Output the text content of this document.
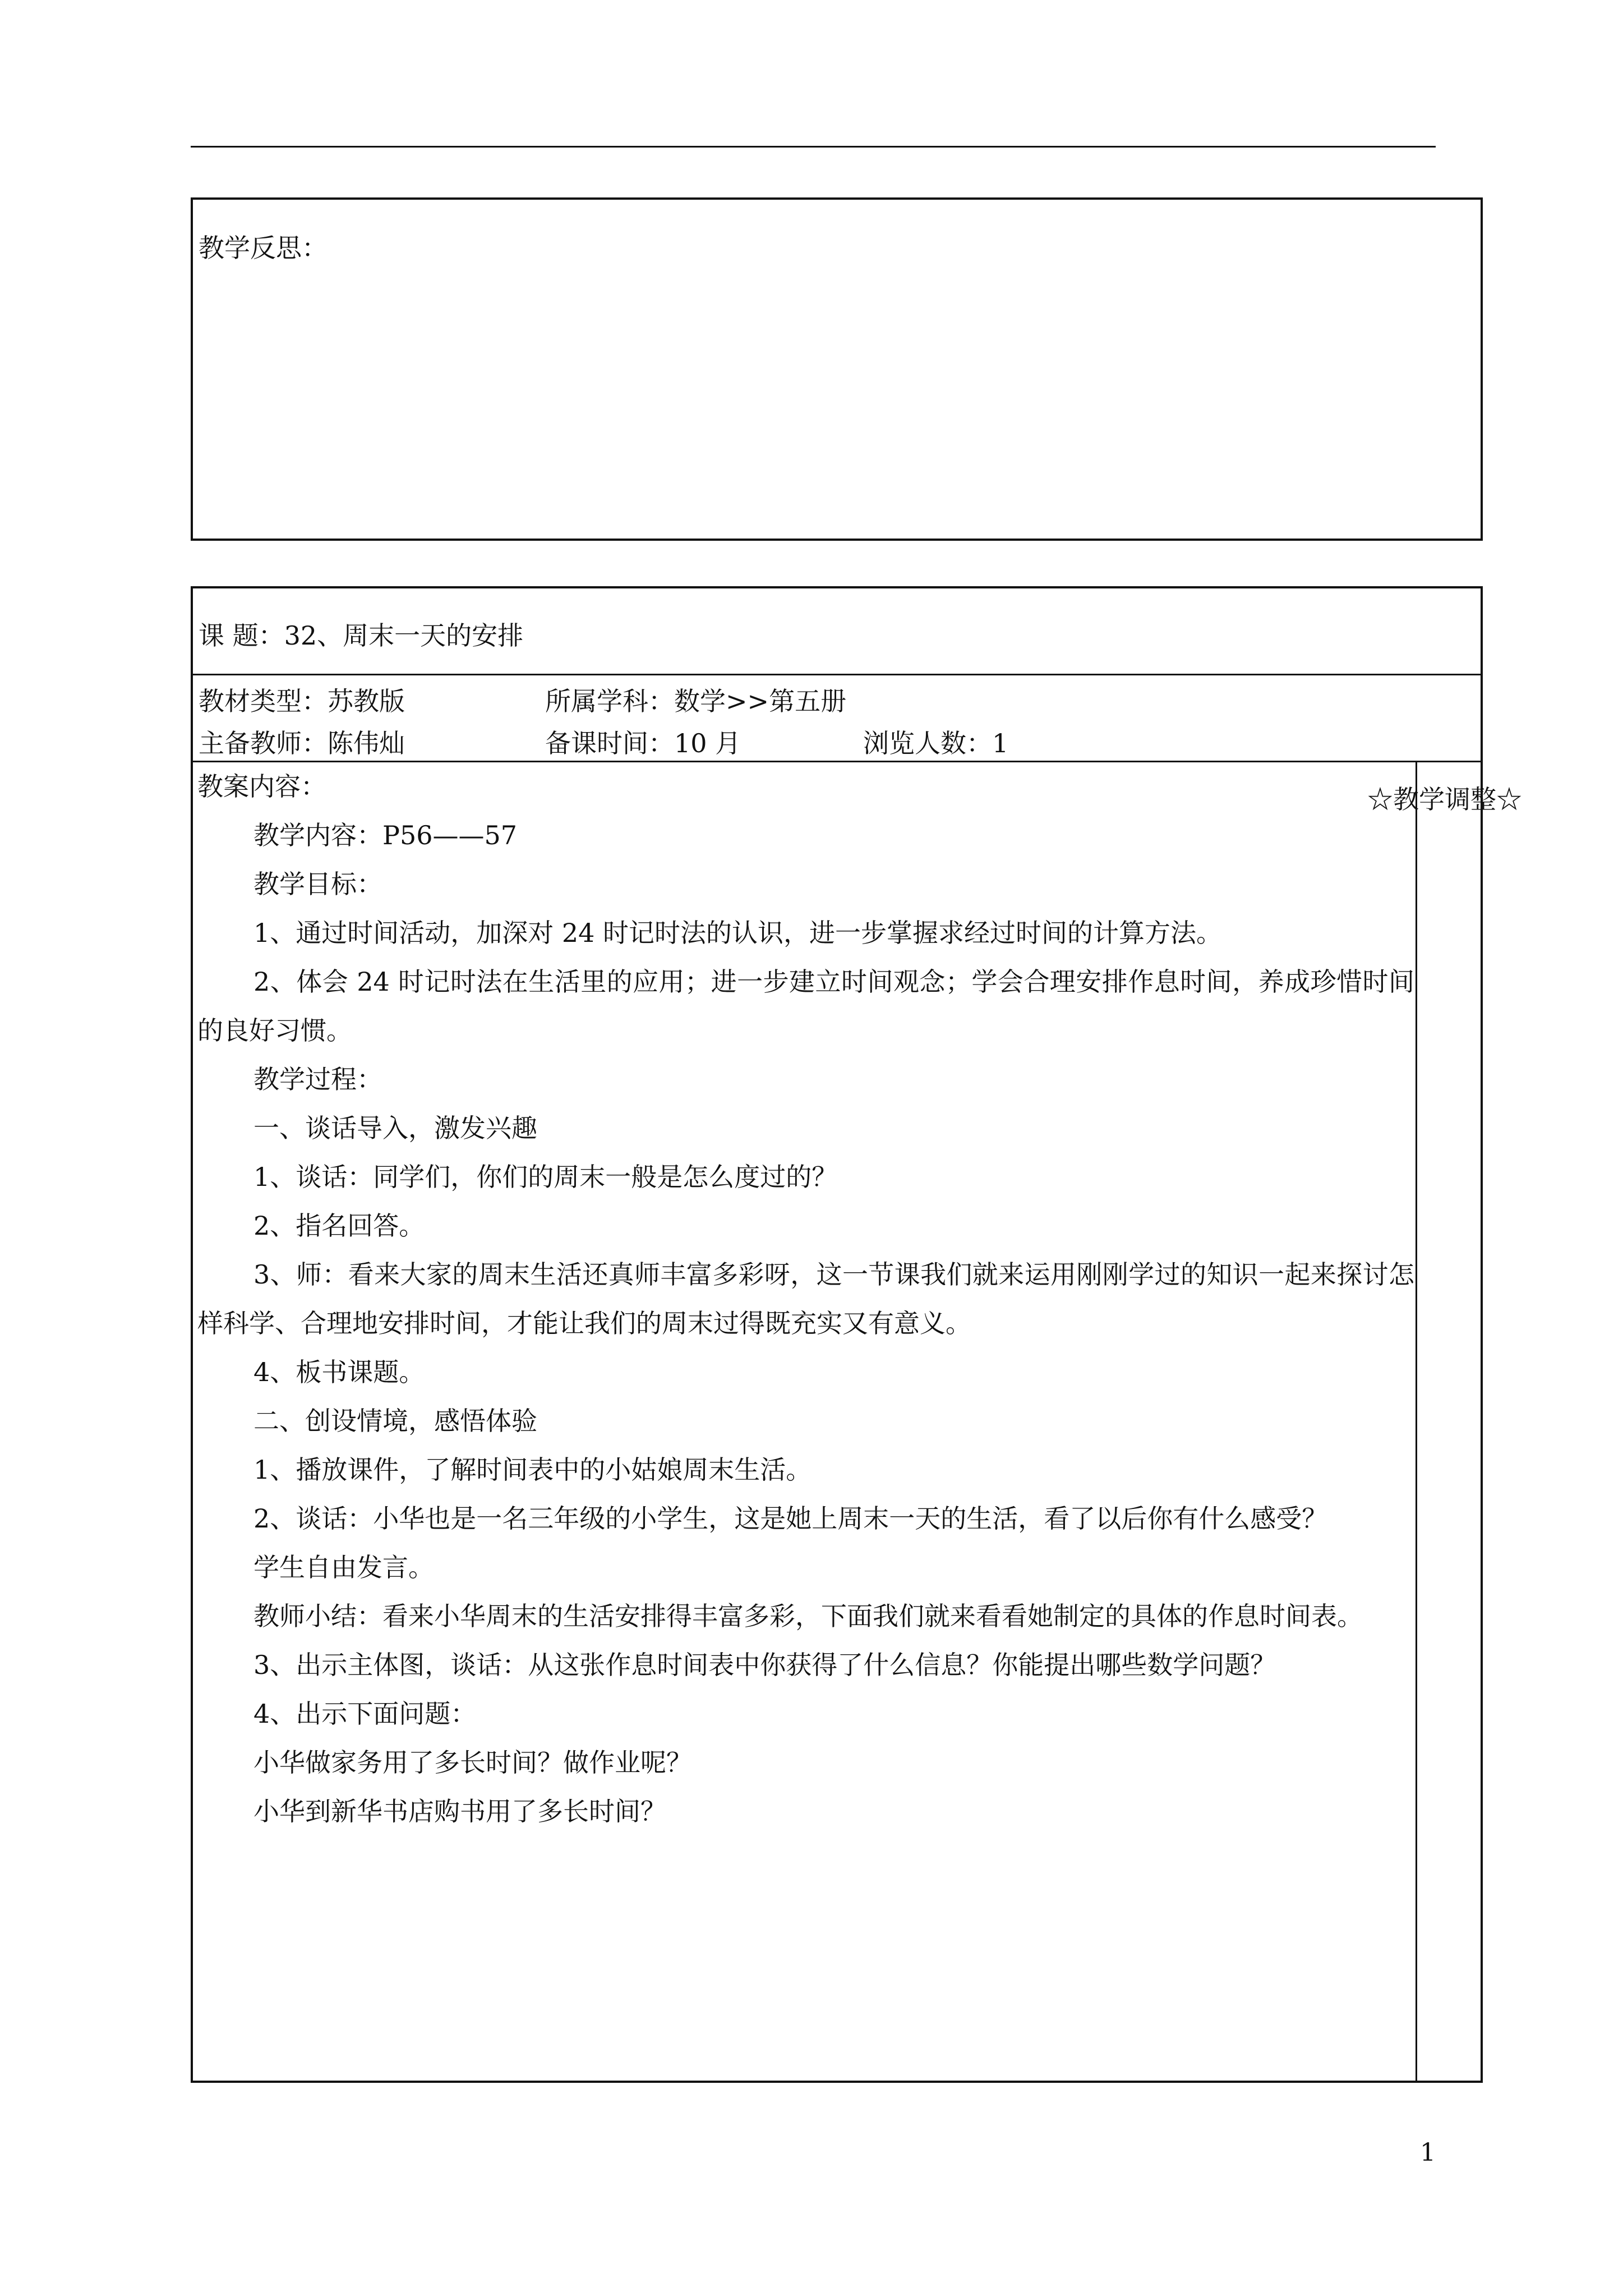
教学反思：
课 题：32、周末一天的安排
教材类型：苏教版	所属学科：数学>>第五册
主备教师：陈伟灿	备课时间：10 月	浏览人数：1
☆教学调整☆

教案内容：

教学内容：P56——57

教学目标：

1、通过时间活动，加深对 24 时记时法的认识，进一步掌握求经过时间的计算方法。

2、体会 24 时记时法在生活里的应用；进一步建立时间观念；学会合理安排作息时间，养成珍惜时间的良好习惯。

教学过程：

一、谈话导入，激发兴趣

1、谈话：同学们，你们的周末一般是怎么度过的？

2、指名回答。

3、师：看来大家的周末生活还真师丰富多彩呀，这一节课我们就来运用刚刚学过的知识一起来探讨怎样科学、合理地安排时间，才能让我们的周末过得既充实又有意义。

4、板书课题。

二、创设情境，感悟体验

1、播放课件，了解时间表中的小姑娘周末生活。

2、谈话：小华也是一名三年级的小学生，这是她上周末一天的生活，看了以后你有什么感受？

学生自由发言。

教师小结：看来小华周末的生活安排得丰富多彩，下面我们就来看看她制定的具体的作息时间表。

3、出示主体图，谈话：从这张作息时间表中你获得了什么信息？你能提出哪些数学问题？

4、出示下面问题：

小华做家务用了多长时间？做作业呢？

小华到新华书店购书用了多长时间？

1
